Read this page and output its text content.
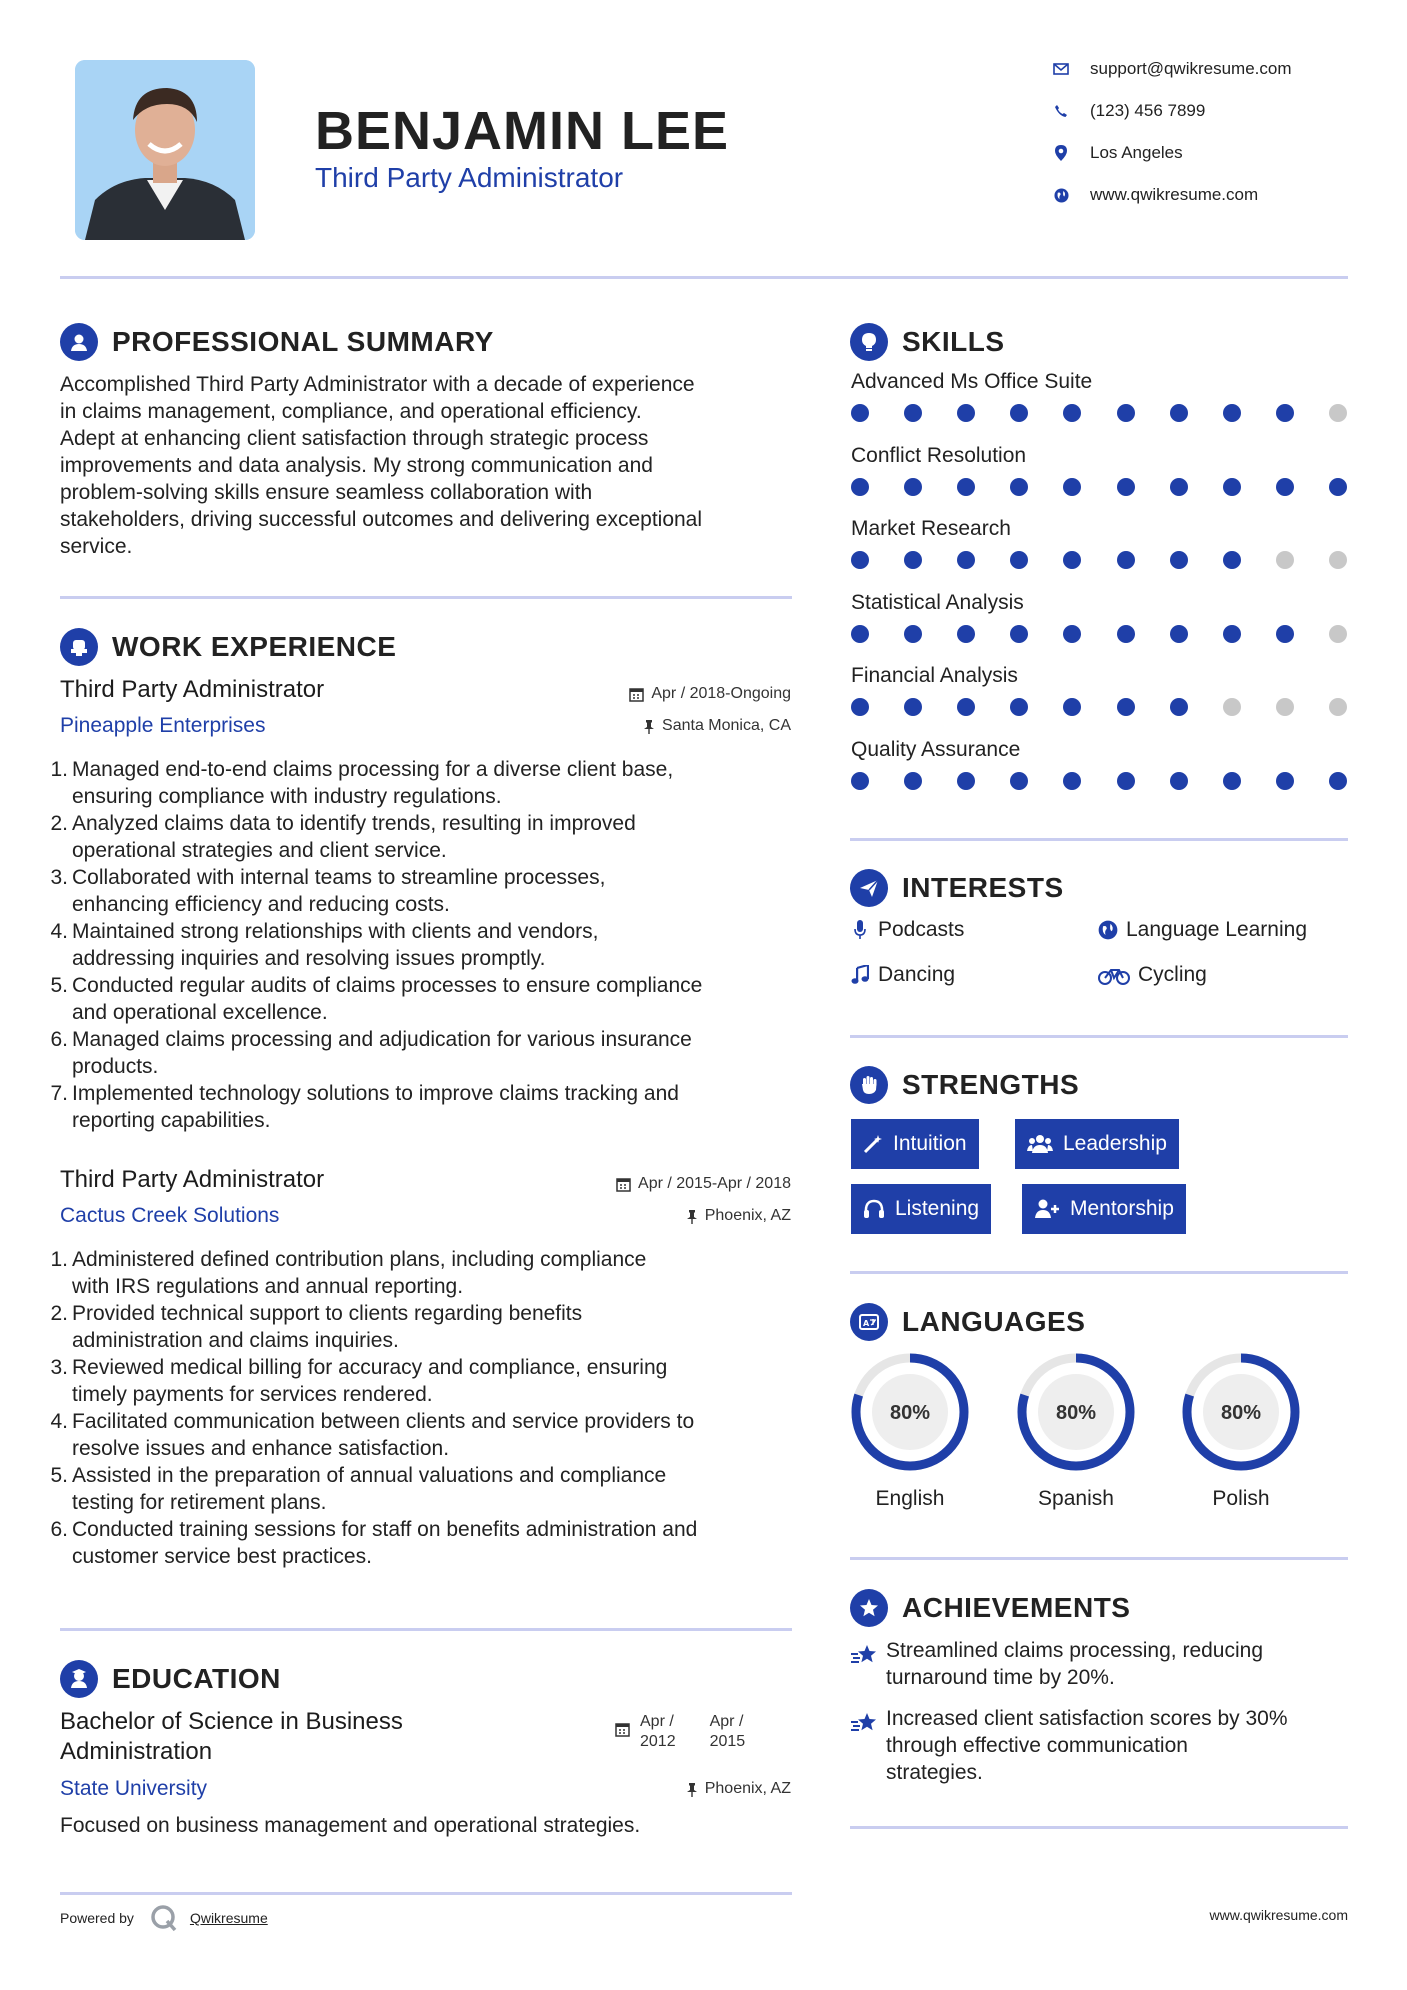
BENJAMIN LEE
Third Party Administrator
support@qwikresume.com
(123) 456 7899
Los Angeles
www.qwikresume.com
PROFESSIONAL SUMMARY
Accomplished Third Party Administrator with a decade of experience
in claims management, compliance, and operational efficiency.
Adept at enhancing client satisfaction through strategic process
improvements and data analysis. My strong communication and
problem-solving skills ensure seamless collaboration with
stakeholders, driving successful outcomes and delivering exceptional
service.
WORK EXPERIENCE
Third Party Administrator
Pineapple Enterprises
Apr / 2018-Ongoing
Santa Monica, CA
1. Managed end-to-end claims processing for a diverse client base,
ensuring compliance with industry regulations.
2. Analyzed claims data to identify trends, resulting in improved
operational strategies and client service.
3. Collaborated with internal teams to streamline processes,
enhancing efficiency and reducing costs.
4. Maintained strong relationships with clients and vendors,
addressing inquiries and resolving issues promptly.
5. Conducted regular audits of claims processes to ensure compliance
and operational excellence.
6. Managed claims processing and adjudication for various insurance
products.
7. Implemented technology solutions to improve claims tracking and
reporting capabilities.
Third Party Administrator
Cactus Creek Solutions
Apr / 2015-Apr / 2018
Phoenix, AZ
1. Administered defined contribution plans, including compliance
with IRS regulations and annual reporting.
2. Provided technical support to clients regarding benefits
administration and claims inquiries.
3. Reviewed medical billing for accuracy and compliance, ensuring
timely payments for services rendered.
4. Facilitated communication between clients and service providers to
resolve issues and enhance satisfaction.
5. Assisted in the preparation of annual valuations and compliance
testing for retirement plans.
6. Conducted training sessions for staff on benefits administration and
customer service best practices.
EDUCATION
Bachelor of Science in Business
Administration
State University
Apr /
2012
Apr /
2015
Phoenix, AZ
Focused on business management and operational strategies.
SKILLS
Advanced Ms Office Suite
Conflict Resolution
Market Research
Statistical Analysis
Financial Analysis
Quality Assurance
INTERESTS
Podcasts	Language Learning
Dancing	Cycling
STRENGTHS
Intuition	Leadership
Listening	Mentorship
A LANGUAGES
80%
English
80%
Spanish
80%
Polish
ACHIEVEMENTS
Streamlined claims processing, reducing
turnaround time by 20%.
Increased client satisfaction scores by 30%
through effective communication
strategies.
Powered by	Qwikresume	www.qwikresume.com
